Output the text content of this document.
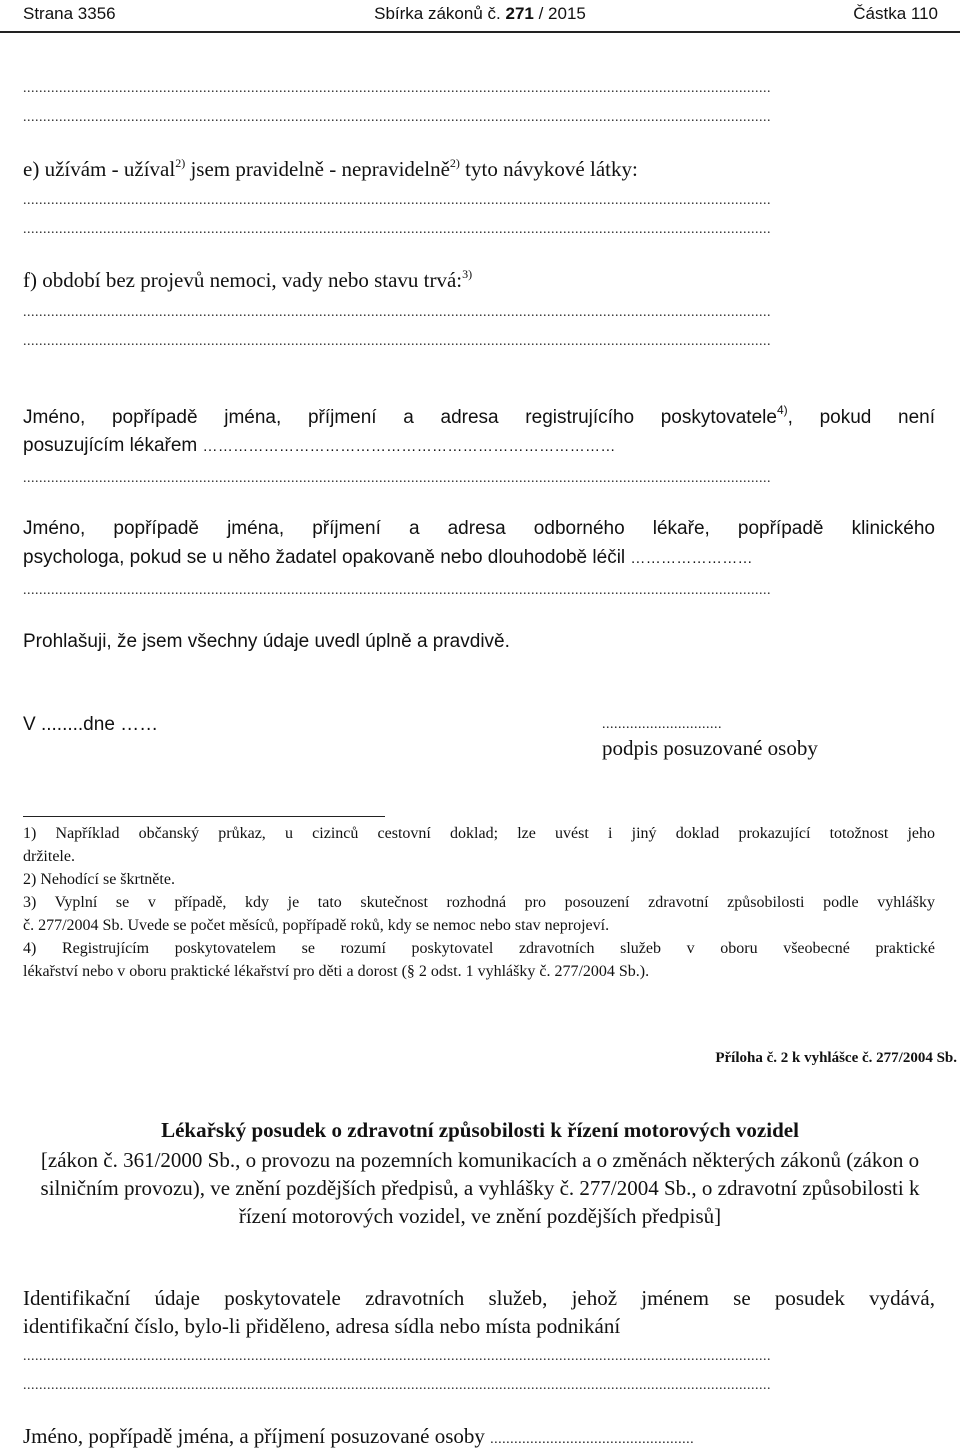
Strana 3356	Sbírka zákonů č. 271 / 2015	Částka 110
...........................................................................................................................................................................................
...........................................................................................................................................................................................
e) užívám - užíval$^{2)}$ jsem pravidelně - nepravidelně$^{2)}$ tyto návykové látky:
...........................................................................................................................................................................................
...........................................................................................................................................................................................
f) období bez projevů nemoci, vady nebo stavu trvá:$^{3)}$
...........................................................................................................................................................................................
...........................................................................................................................................................................................
Jméno, popřípadě jména, příjmení a adresa registrujícího poskytovatele$^{4)}$, pokud není
posuzujícím lékařem ………………………………………………………………………
...........................................................................................................................................................................................
Jméno, popřípadě jména, příjmení a adresa odborného lékaře, popřípadě klinického
psychologa, pokud se u něho žadatel opakovaně nebo dlouhodobě léčil ……………………
...........................................................................................................................................................................................
Prohlašuji, že jsem všechny údaje uvedl úplně a pravdivě.
V ........dne ……	..............................
podpis posuzované osoby
1) Například občanský průkaz, u cizinců cestovní doklad; lze uvést i jiný doklad prokazující totožnost jeho
držitele.
2) Nehodící se škrtněte.
3) Vyplní se v případě, kdy je tato skutečnost rozhodná pro posouzení zdravotní způsobilosti podle vyhlášky
č. 277/2004 Sb. Uvede se počet měsíců, popřípadě roků, kdy se nemoc nebo stav neprojeví.
4) Registrujícím poskytovatelem se rozumí poskytovatel zdravotních služeb v oboru všeobecné praktické
lékařství nebo v oboru praktické lékařství pro děti a dorost (§ 2 odst. 1 vyhlášky č. 277/2004 Sb.).
Příloha č. 2 k vyhlášce č. 277/2004 Sb.
Lékařský posudek o zdravotní způsobilosti k řízení motorových vozidel
[zákon č. 361/2000 Sb., o provozu na pozemních komunikacích a o změnách některých zákonů (zákon o silničním provozu), ve znění pozdějších předpisů, a vyhlášky č. 277/2004 Sb., o zdravotní způsobilosti k řízení motorových vozidel, ve znění pozdějších předpisů]
Identifikační údaje poskytovatele zdravotních služeb, jehož jménem se posudek vydává,
identifikační číslo, bylo-li přiděleno, adresa sídla nebo místa podnikání
...........................................................................................................................................................................................
...........................................................................................................................................................................................
Jméno, popřípadě jména, a příjmení posuzované osoby ...................................................
